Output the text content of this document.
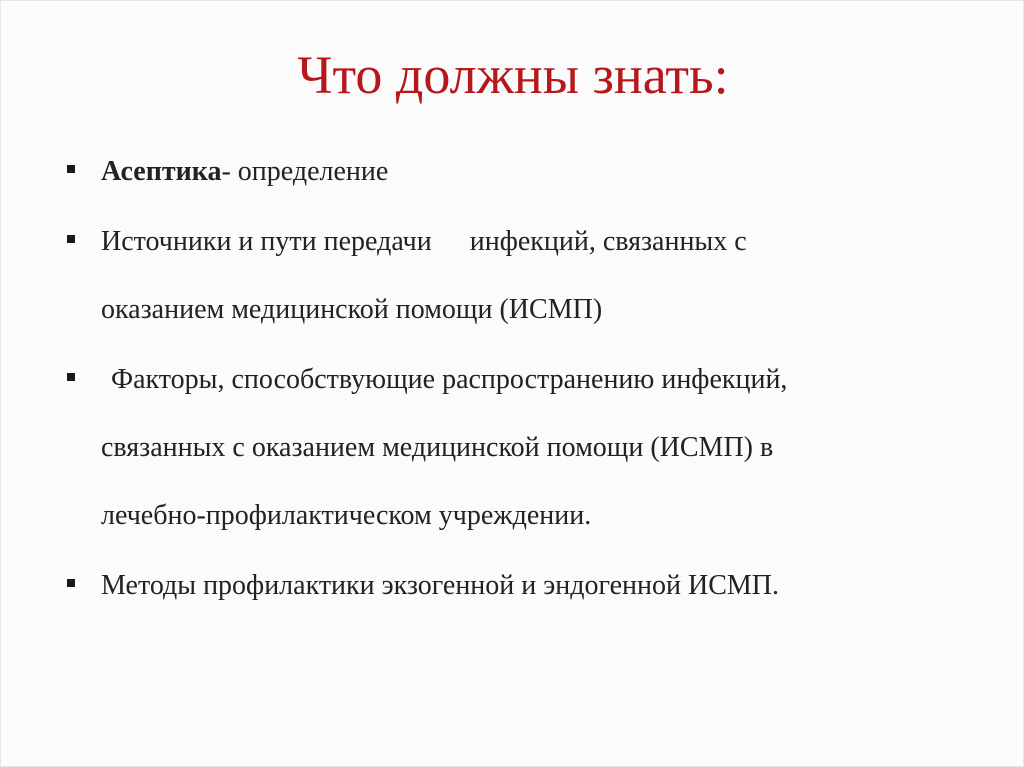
Что должны знать:
Асептика- определение
Источники и пути передачи инфекций, связанных с
оказанием медицинской помощи (ИСМП)
Факторы, способствующие распространению инфекций,
связанных с оказанием медицинской помощи (ИСМП) в
лечебно-профилактическом учреждении.
Методы профилактики экзогенной и эндогенной ИСМП.
